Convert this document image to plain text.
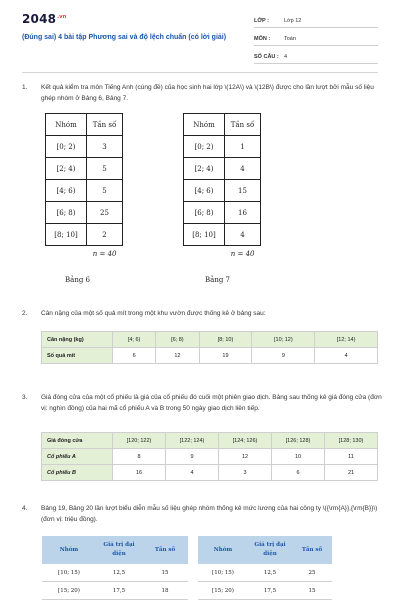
$2048^{.vn}$
(Đúng sai) 4 bài tập Phương sai và độ lệch chuẩn (có lời giải)
LỚP :	Lớp 12
MÔN :	Toán
SỐ CÂU : 4
1. Kết quả kiểm tra môn Tiếng Anh (cùng đề) của học sinh hai lớp \(12A\) và \(12B\) được cho lần lượt bởi mẫu số liệu ghép nhóm ở Bảng 6, Bảng 7.
Nhóm	Tần số
[0; 2)	3
[2; 4)	5
[4; 6)	5
[6; 8)	25
[8; 10]	2
n = 40	
Bảng 6
Nhóm	Tần số
[0; 2)	1
[2; 4)	4
[4; 6)	15
[6; 8)	16
[8; 10]	4
n = 40	
Bảng 7
2. Cân nặng của một số quả mít trong một khu vườn được thống kê ở bảng sau:
Cân nặng (kg)	[4; 6)	[6; 8)	[8; 10)	[10; 12)	[12; 14)
Số quả mít	6	12	19	9	4
3. Giá đóng cửa của một cổ phiếu là giá của cổ phiếu đó cuối một phiên giao dịch. Bảng sau thống kê giá đóng cửa (đơn vị: nghìn đồng) của hai mã cổ phiếu A và B trong 50 ngày giao dịch liên tiếp.
Giá đóng cửa	[120; 122)	[122; 124)	[124; 126)	[126; 128)	[128; 130)
Cổ phiếu A	8	9	12	10	11
Cổ phiếu B	16	4	3	6	21
4. Bảng 19, Bảng 20 lần lượt biểu diễn mẫu số liệu ghép nhóm thống kê mức lương của hai công ty \({\rm{A}},{\rm{B}}\) (đơn vị: triệu đồng).
Nhóm	Giá trị đại diện	Tần số
[10; 15)	12,5	15
[15; 20)	17,5	18
Nhóm	Giá trị đại diện	Tần số
[10; 15)	12,5	25
[15; 20)	17,5	15
